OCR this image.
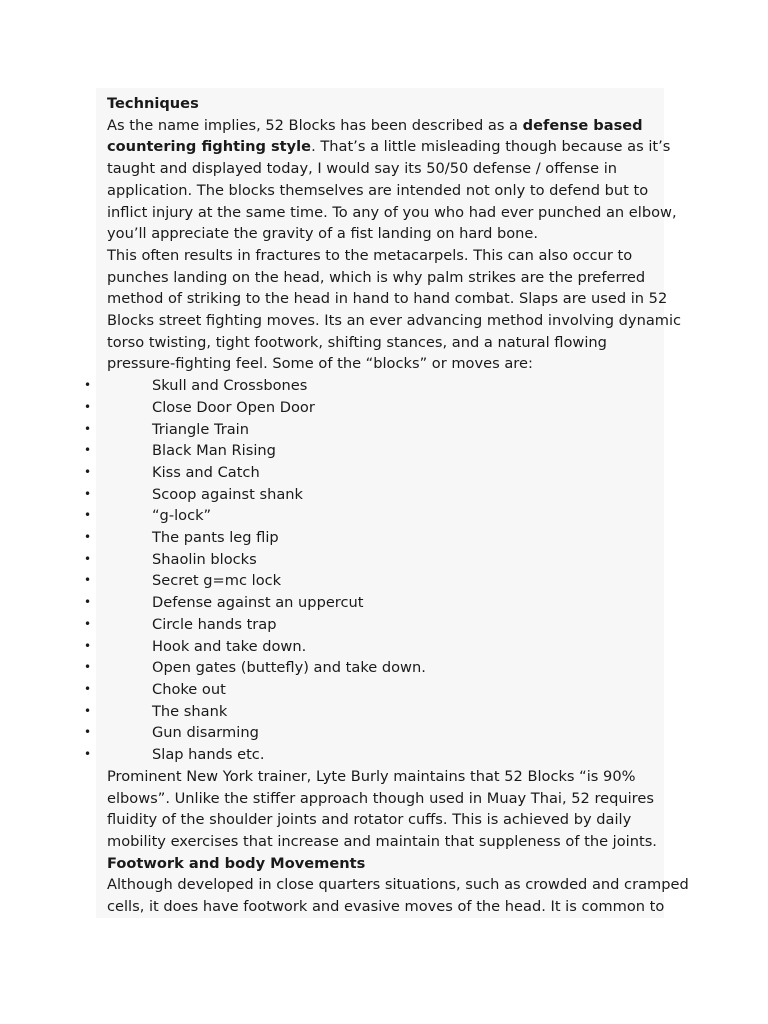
Techniques

As the name implies, 52 Blocks has been described as a defense based

countering fighting style. That’s a little misleading though because as it’s

taught and displayed today, I would say its 50/50 defense / offense in

application. The blocks themselves are intended not only to defend but to

inflict injury at the same time. To any of you who had ever punched an elbow,

you’ll appreciate the gravity of a fist landing on hard bone.

This often results in fractures to the metacarpels. This can also occur to

punches landing on the head, which is why palm strikes are the preferred

method of striking to the head in hand to hand combat. Slaps are used in 52

Blocks street fighting moves. Its an ever advancing method involving dynamic

torso twisting, tight footwork, shifting stances, and a natural flowing

pressure-fighting feel. Some of the “blocks” or moves are:

•	Skull and Crossbones
•	Close Door Open Door
•	Triangle Train
•	Black Man Rising
•	Kiss and Catch
•	Scoop against shank
•	“g-lock”
•	The pants leg flip
•	Shaolin blocks
•	Secret g=mc lock
•	Defense against an uppercut
•	Circle hands trap
•	Hook and take down.
•	Open gates (buttefly) and take down.
•	Choke out
•	The shank
•	Gun disarming
•	Slap hands etc.

Prominent New York trainer, Lyte Burly maintains that 52 Blocks “is 90%

elbows”. Unlike the stiffer approach though used in Muay Thai, 52 requires

fluidity of the shoulder joints and rotator cuffs. This is achieved by daily

mobility exercises that increase and maintain that suppleness of the joints.

Footwork and body Movements

Although developed in close quarters situations, such as crowded and cramped

cells, it does have footwork and evasive moves of the head. It is common to
